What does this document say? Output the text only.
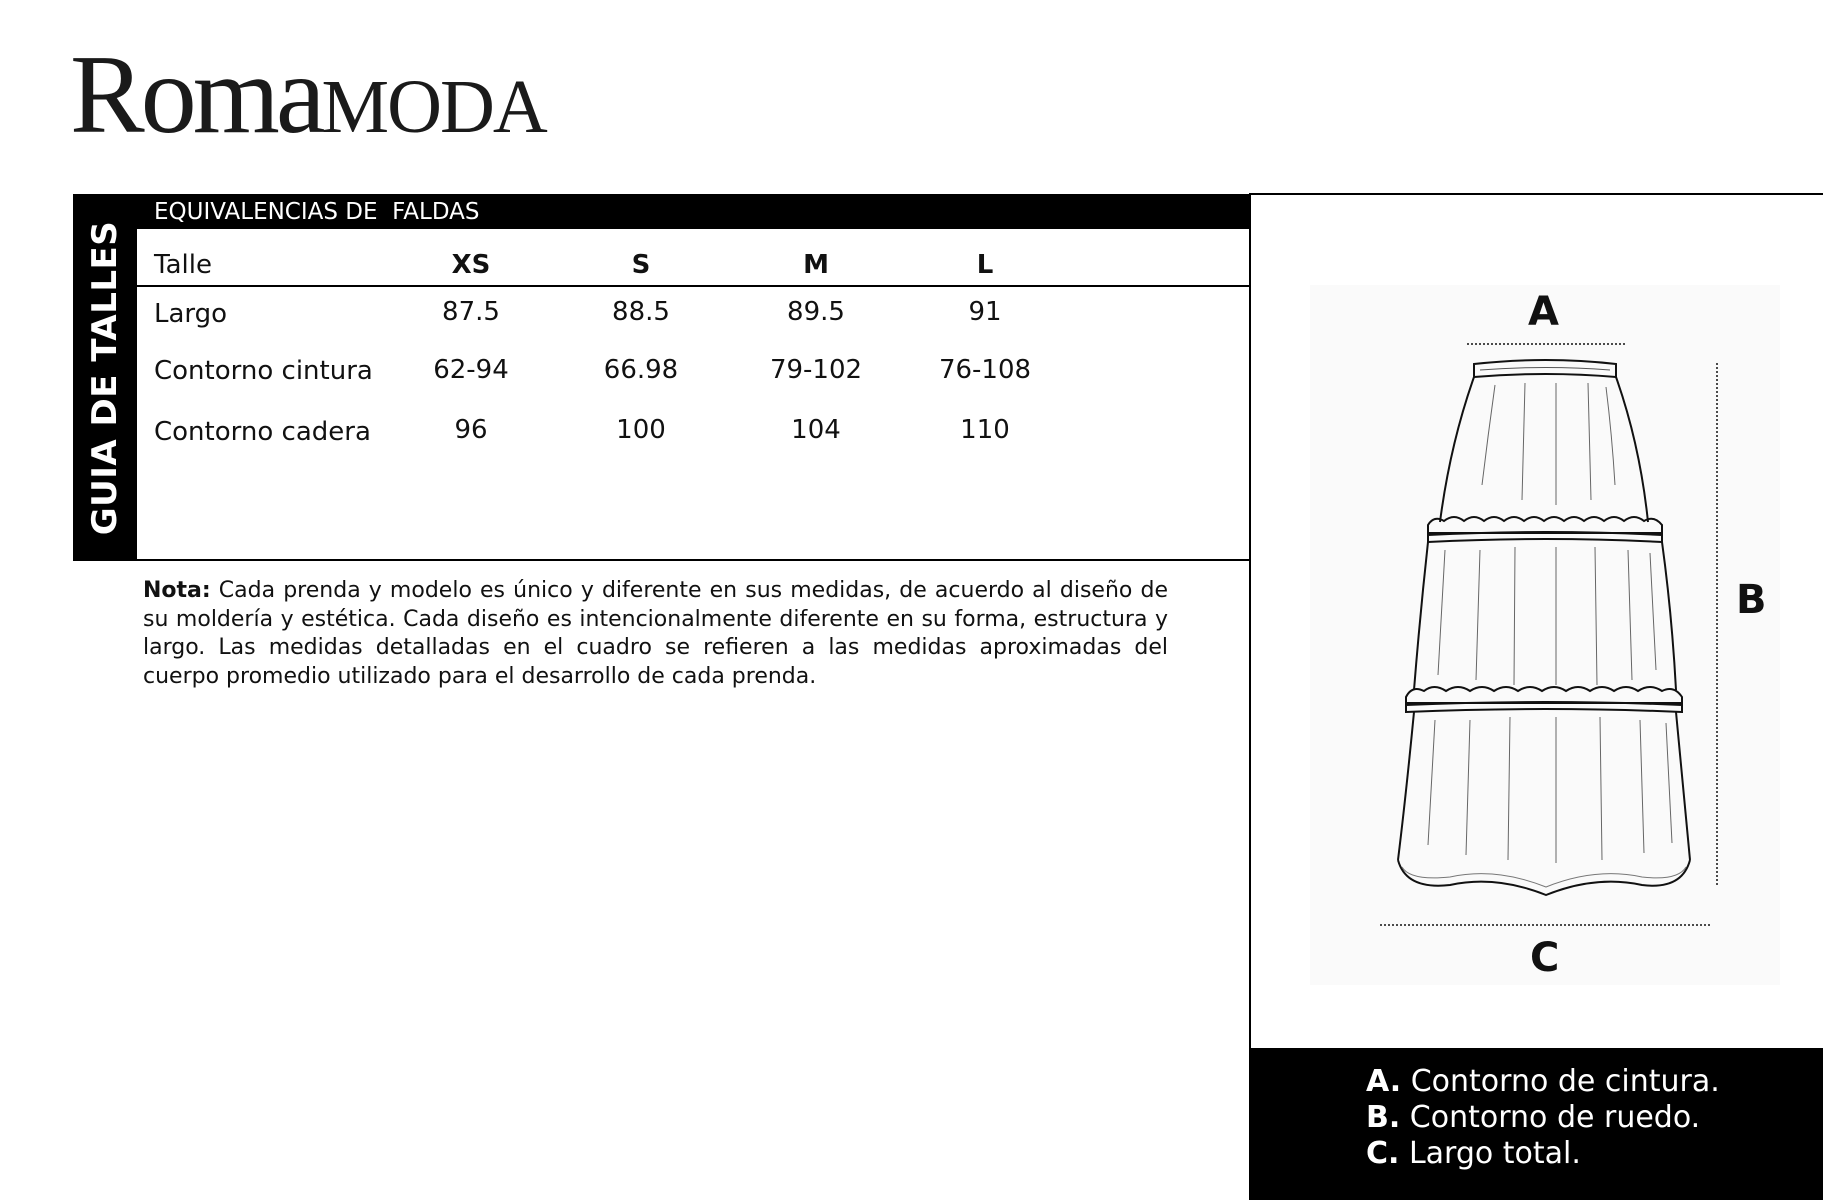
RomaMODA
GUIA DE TALLES
EQUIVALENCIAS DE  FALDAS
Talle	XS	S	M	L
Largo	87.5	88.5	89.5	91
Contorno cintura 62-94	66.98	79-102	76-108
Contorno cadera	96	100	104	110
Nota: Cada prenda y modelo es único y diferente en sus medidas, de acuerdo al diseño de su moldería y estética. Cada diseño es intencionalmente diferente en su forma, estructura y largo. Las medidas detalladas en el cuadro se refieren a las medidas aproximadas del cuerpo promedio utilizado para el desarrollo de cada prenda.
A
B
C
A. Contorno de cintura.
B. Contorno de ruedo.
C. Largo total.
